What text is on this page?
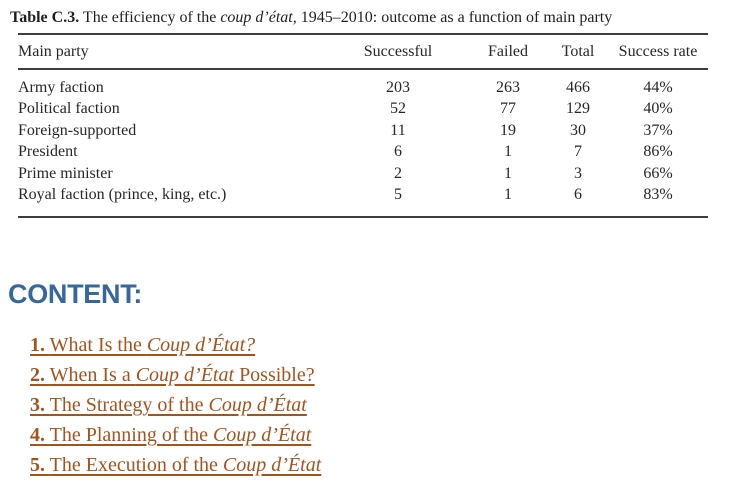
Table C.3. The efficiency of the coup d’état, 1945–2010: outcome as a function of main party

Main party	Successful	Failed	Total	Success rate
Army faction	203	263	466	44%
Political faction	52	77	129	40%
Foreign-supported	11	19	30	37%
President	6	1	7	86%
Prime minister	2	1	3	66%
Royal faction (prince, king, etc.)	5	1	6	83%
CONTENT:
1. What Is the Coup d’État?
2. When Is a Coup d’État Possible?
3. The Strategy of the Coup d’État
4. The Planning of the Coup d’État
5. The Execution of the Coup d’État
